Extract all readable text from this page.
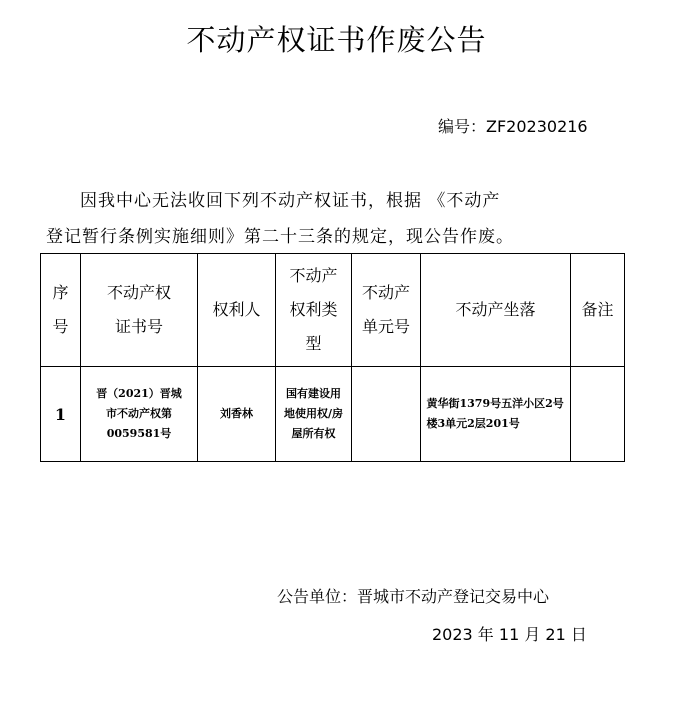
不动产权证书作废公告
编号：ZF20230216
因我中心无法收回下列不动产权证书，根据 《不动产
登记暂行条例实施细则》第二十三条的规定，现公告作废。
序号	不动产权证书号	权利人	不动产权利类型	不动产单元号	不动产坐落	备注
1	晋（2021）晋城市不动产权第0059581号	刘香林	国有建设用地使用权/房屋所有权		黄华街1379号五洋小区2号楼3单元2层201号	
公告单位：晋城市不动产登记交易中心
2023 年 11 月 21 日
